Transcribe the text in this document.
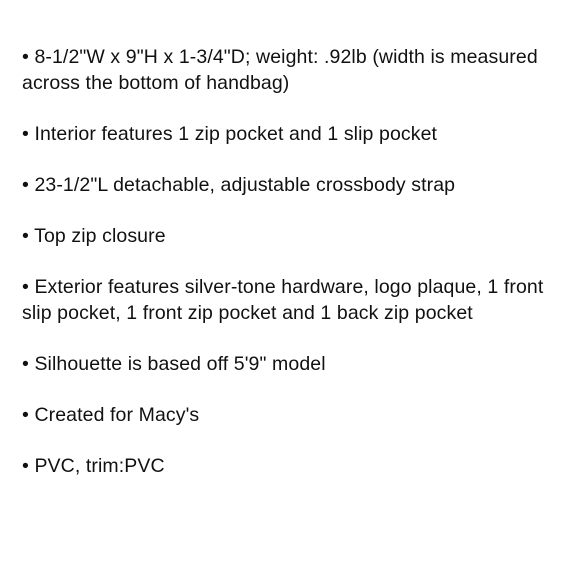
• 8-1/2"W x 9"H x 1-3/4"D; weight: .92lb (width is measured across the bottom of handbag)
• Interior features 1 zip pocket and 1 slip pocket
• 23-1/2"L detachable, adjustable crossbody strap
• Top zip closure
• Exterior features silver-tone hardware, logo plaque, 1 front slip pocket, 1 front zip pocket and 1 back zip pocket
• Silhouette is based off 5'9" model
• Created for Macy's
• PVC, trim:PVC
